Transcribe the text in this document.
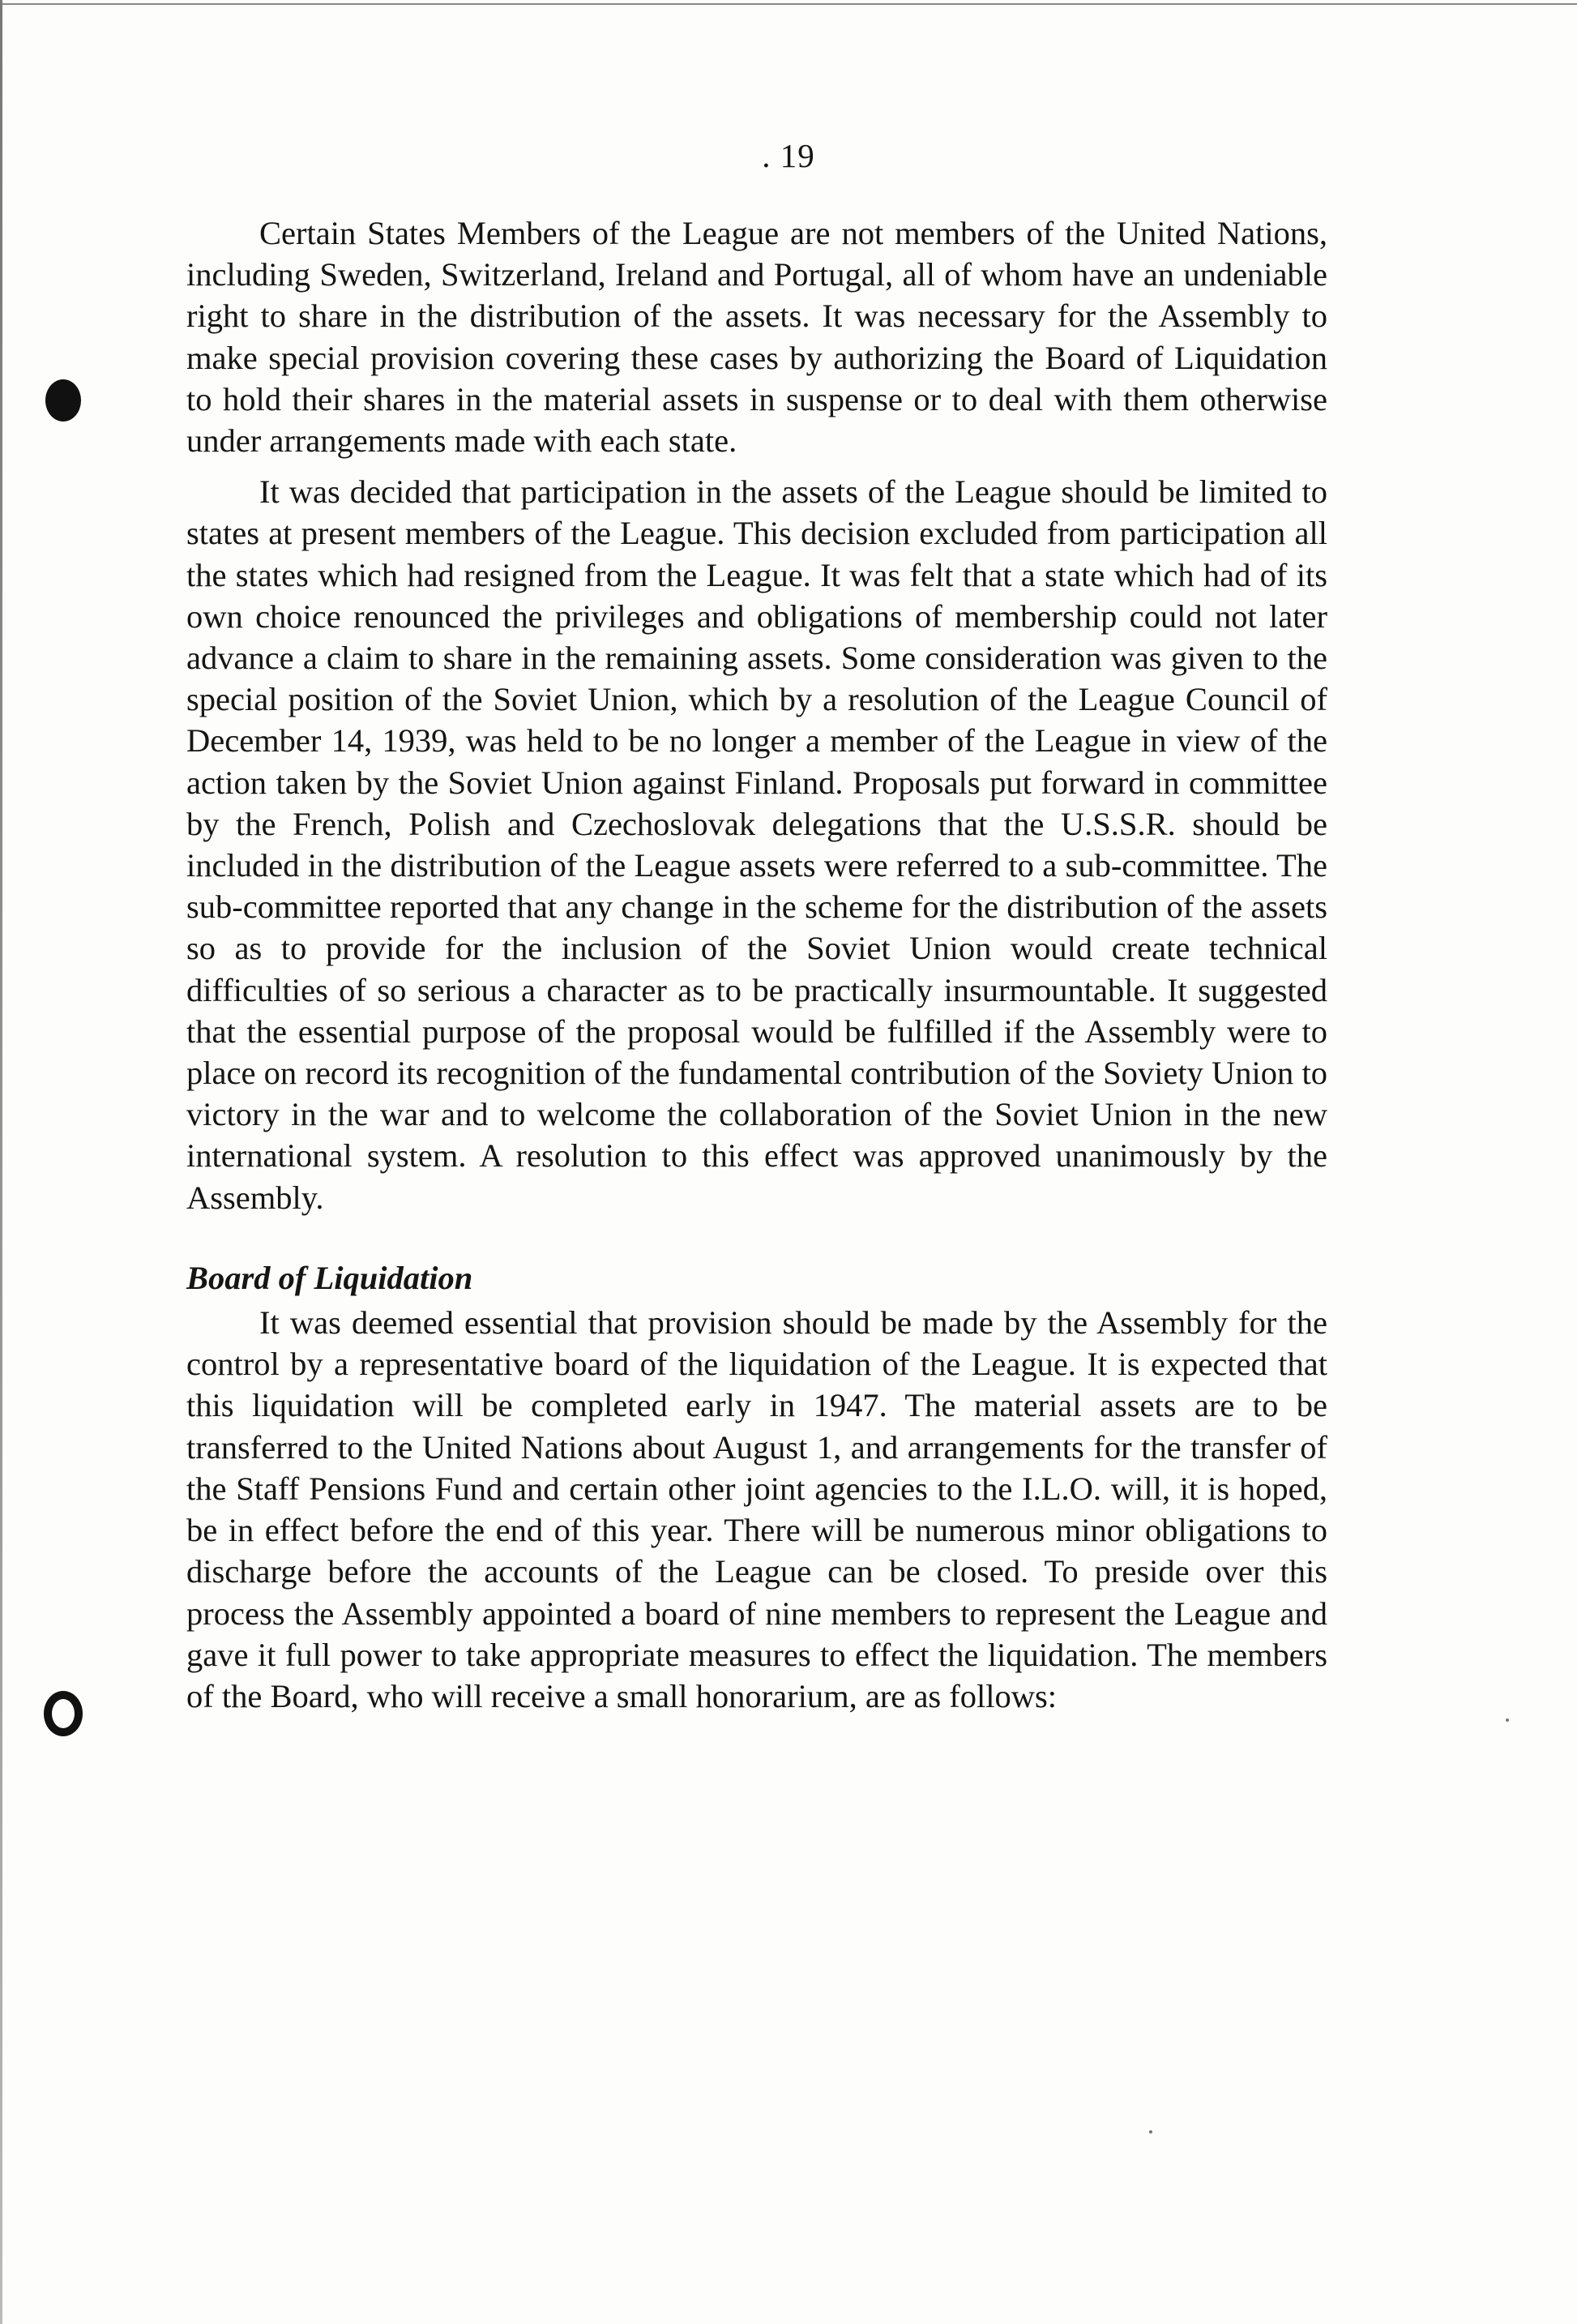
. 19

Certain States Members of the League are not members of the United Nations, including Sweden, Switzerland, Ireland and Portugal, all of whom have an undeniable right to share in the distribution of the assets. It was necessary for the Assembly to make special provision covering these cases by authorizing the Board of Liquidation to hold their shares in the material assets in suspense or to deal with them otherwise under arrangements made with each state.

It was decided that participation in the assets of the League should be limited to states at present members of the League. This decision excluded from participation all the states which had resigned from the League. It was felt that a state which had of its own choice renounced the privileges and obligations of membership could not later advance a claim to share in the remaining assets. Some consideration was given to the special position of the Soviet Union, which by a resolution of the League Council of December 14, 1939, was held to be no longer a member of the League in view of the action taken by the Soviet Union against Finland. Proposals put forward in committee by the French, Polish and Czechoslovak delegations that the U.S.S.R. should be included in the distribution of the League assets were referred to a sub-committee. The sub-committee reported that any change in the scheme for the distribution of the assets so as to provide for the inclusion of the Soviet Union would create technical difficulties of so serious a character as to be practically insurmountable. It suggested that the essential purpose of the proposal would be fulfilled if the Assembly were to place on record its recognition of the fundamental contribution of the Soviety Union to victory in the war and to welcome the collaboration of the Soviet Union in the new international system. A resolution to this effect was approved unanimously by the Assembly.

Board of Liquidation

It was deemed essential that provision should be made by the Assembly for the control by a representative board of the liquidation of the League. It is expected that this liquidation will be completed early in 1947. The material assets are to be transferred to the United Nations about August 1, and arrangements for the transfer of the Staff Pensions Fund and certain other joint agencies to the I.L.O. will, it is hoped, be in effect before the end of this year. There will be numerous minor obligations to discharge before the accounts of the League can be closed. To preside over this process the Assembly appointed a board of nine members to represent the League and gave it full power to take appropriate measures to effect the liquidation. The members of the Board, who will receive a small honorarium, are as follows:
